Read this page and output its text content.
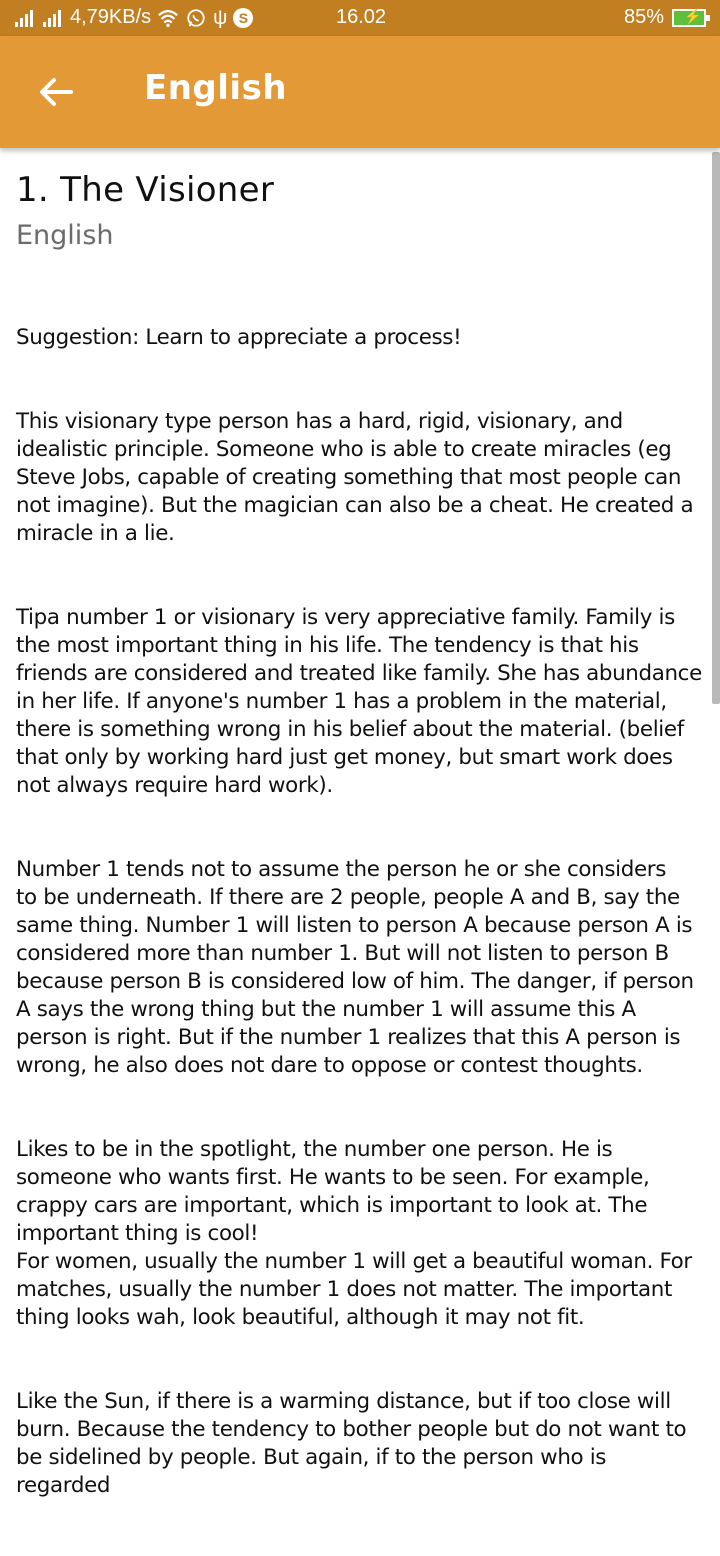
4,79KB/s	ψ S	16.02	85% ⚡
English
1. The Visioner
English

Suggestion: Learn to appreciate a process!

This visionary type person has a hard, rigid, visionary, and idealistic principle. Someone who is able to create miracles (eg Steve Jobs, capable of creating something that most people can not imagine). But the magician can also be a cheat. He created a miracle in a lie.

Tipa number 1 or visionary is very appreciative family. Family is the most important thing in his life. The tendency is that his friends are considered and treated like family. She has abundance in her life. If anyone's number 1 has a problem in the material, there is something wrong in his belief about the material. (belief that only by working hard just get money, but smart work does not always require hard work).

Number 1 tends not to assume the person he or she considers
to be underneath. If there are 2 people, people A and B, say the same thing. Number 1 will listen to person A because person A is considered more than number 1. But will not listen to person B because person B is considered low of him. The danger, if person A says the wrong thing but the number 1 will assume this A person is right. But if the number 1 realizes that this A person is wrong, he also does not dare to oppose or contest thoughts.

Likes to be in the spotlight, the number one person. He is someone who wants first. He wants to be seen. For example, crappy cars are important, which is important to look at. The important thing is cool!
For women, usually the number 1 will get a beautiful woman. For matches, usually the number 1 does not matter. The important thing looks wah, look beautiful, although it may not fit.

Like the Sun, if there is a warming distance, but if too close will burn. Because the tendency to bother people but do not want to be sidelined by people. But again, if to the person who is regarded
